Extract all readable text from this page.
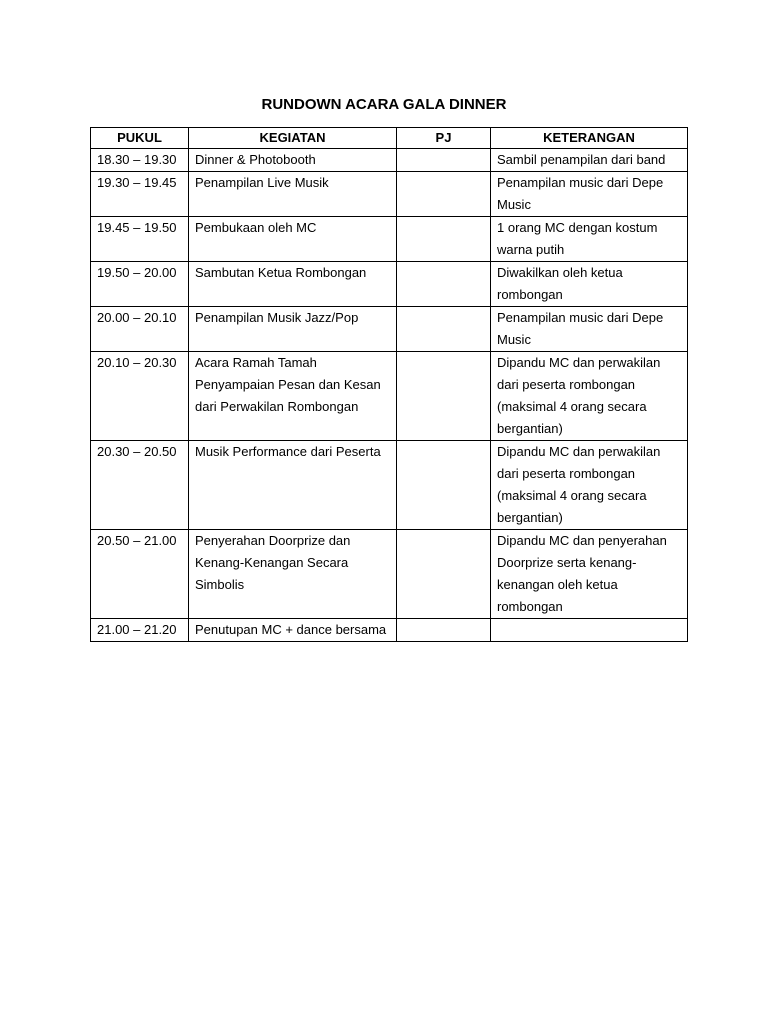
RUNDOWN ACARA GALA DINNER
PUKUL	KEGIATAN	PJ	KETERANGAN
18.30 – 19.30	Dinner & Photobooth		Sambil penampilan dari band
19.30 – 19.45	Penampilan Live Musik		Penampilan music dari Depe Music
19.45 – 19.50	Pembukaan oleh MC		1 orang MC dengan kostum warna putih
19.50 – 20.00	Sambutan Ketua Rombongan		Diwakilkan oleh ketua rombongan
20.00 – 20.10	Penampilan Musik Jazz/Pop		Penampilan music dari Depe Music
20.10 – 20.30	Acara Ramah Tamah Penyampaian Pesan dan Kesan dari Perwakilan Rombongan		Dipandu MC dan perwakilan dari peserta rombongan (maksimal 4 orang secara bergantian)
20.30 – 20.50	Musik Performance dari Peserta		Dipandu MC dan perwakilan dari peserta rombongan (maksimal 4 orang secara bergantian)
20.50 – 21.00	Penyerahan Doorprize dan Kenang-Kenangan Secara Simbolis		Dipandu MC dan penyerahan Doorprize serta kenang-kenangan oleh ketua rombongan
21.00 – 21.20	Penutupan MC + dance bersama		
